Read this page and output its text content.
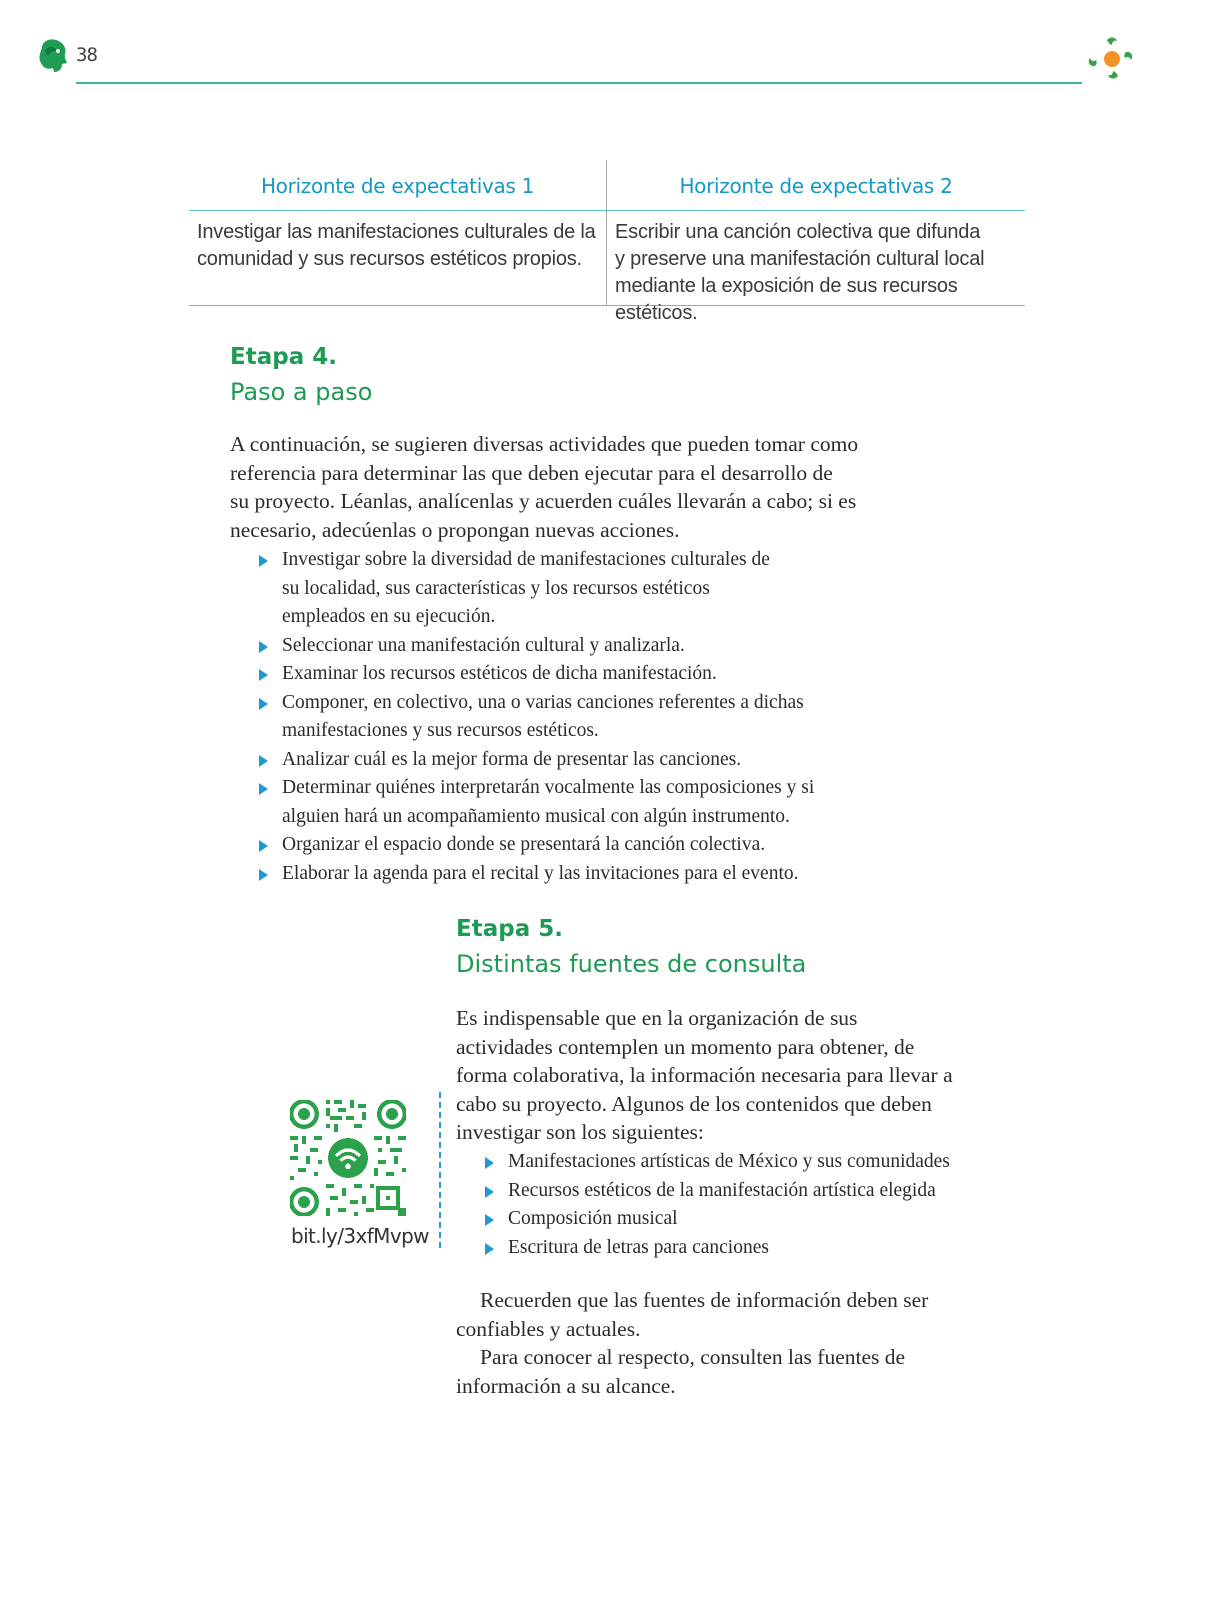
38
Horizonte de expectativas 1	Horizonte de expectativas 2
Investigar las manifestaciones culturales de la
comunidad y sus recursos estéticos propios.
Escribir una canción colectiva que difunda
y preserve una manifestación cultural local
mediante la exposición de sus recursos estéticos.
Etapa 4.
Paso a paso
A continuación, se sugieren diversas actividades que pueden tomar como
referencia para determinar las que deben ejecutar para el desarrollo de
su proyecto. Léanlas, analícenlas y acuerden cuáles llevarán a cabo; si es
necesario, adecúenlas o propongan nuevas acciones.
Investigar sobre la diversidad de manifestaciones culturales de
su localidad, sus características y los recursos estéticos
empleados en su ejecución.
Seleccionar una manifestación cultural y analizarla.
Examinar los recursos estéticos de dicha manifestación.
Componer, en colectivo, una o varias canciones referentes a dichas
manifestaciones y sus recursos estéticos.
Analizar cuál es la mejor forma de presentar las canciones.
Determinar quiénes interpretarán vocalmente las composiciones y si
alguien hará un acompañamiento musical con algún instrumento.
Organizar el espacio donde se presentará la canción colectiva.
Elaborar la agenda para el recital y las invitaciones para el evento.
Etapa 5.
Distintas fuentes de consulta
Es indispensable que en la organización de sus
actividades contemplen un momento para obtener, de
forma colaborativa, la información necesaria para llevar a
cabo su proyecto. Algunos de los contenidos que deben
investigar son los siguientes:
Manifestaciones artísticas de México y sus comunidades
Recursos estéticos de la manifestación artística elegida
Composición musical
Escritura de letras para canciones
Recuerden que las fuentes de información deben ser
confiables y actuales.
Para conocer al respecto, consulten las fuentes de
información a su alcance.
bit.ly/3xfMvpw
